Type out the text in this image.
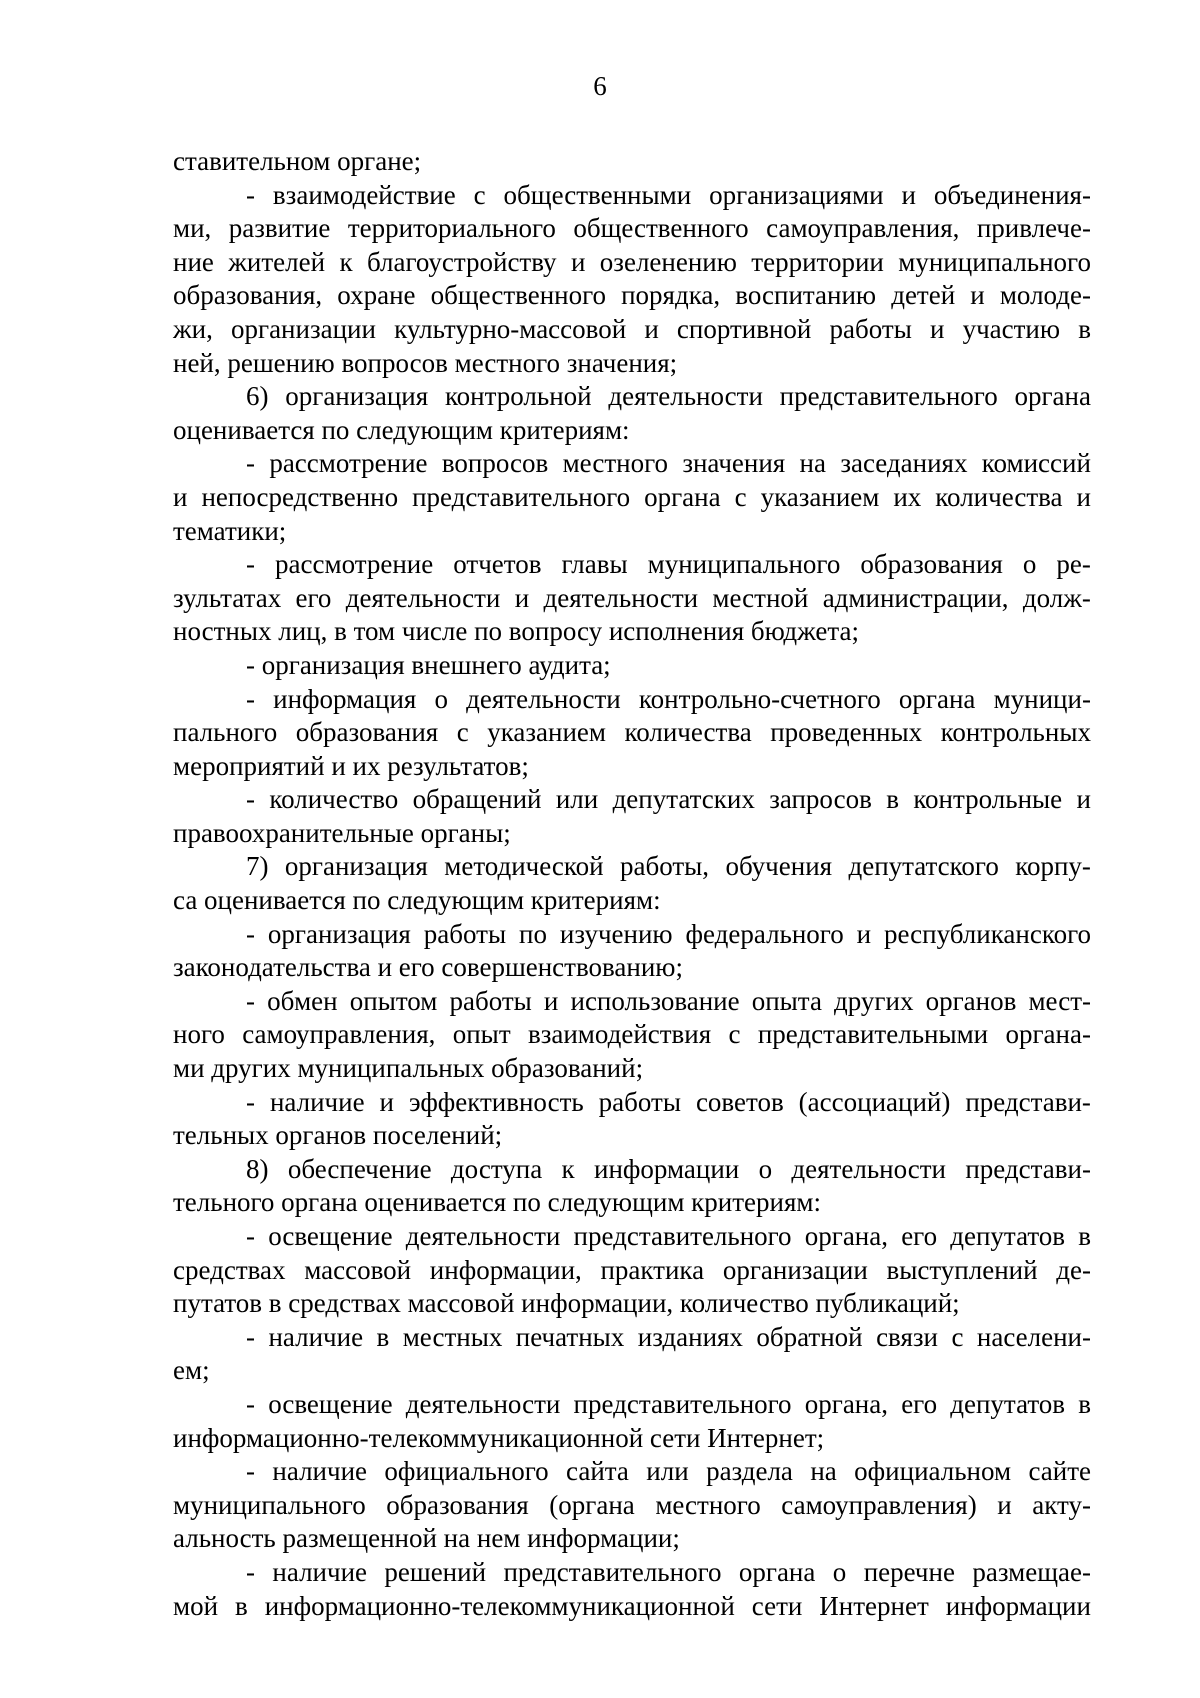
6
ставительном органе;
- взаимодействие с общественными организациями и объединения-
ми, развитие территориального общественного самоуправления, привлече-
ние жителей к благоустройству и озеленению территории муниципального
образования, охране общественного порядка, воспитанию детей и молоде-
жи, организации культурно-массовой и спортивной работы и участию в
ней, решению вопросов местного значения;
6) организация контрольной деятельности представительного органа
оценивается по следующим критериям:
- рассмотрение вопросов местного значения на заседаниях комиссий
и непосредственно представительного органа с указанием их количества и
тематики;
- рассмотрение отчетов главы муниципального образования о ре-
зультатах его деятельности и деятельности местной администрации, долж-
ностных лиц, в том числе по вопросу исполнения бюджета;
- организация внешнего аудита;
- информация о деятельности контрольно-счетного органа муници-
пального образования с указанием количества проведенных контрольных
мероприятий и их результатов;
- количество обращений или депутатских запросов в контрольные и
правоохранительные органы;
7) организация методической работы, обучения депутатского корпу-
са оценивается по следующим критериям:
- организация работы по изучению федерального и республиканского
законодательства и его совершенствованию;
- обмен опытом работы и использование опыта других органов мест-
ного самоуправления, опыт взаимодействия с представительными органа-
ми других муниципальных образований;
- наличие и эффективность работы советов (ассоциаций) представи-
тельных органов поселений;
8) обеспечение доступа к информации о деятельности представи-
тельного органа оценивается по следующим критериям:
- освещение деятельности представительного органа, его депутатов в
средствах массовой информации, практика организации выступлений де-
путатов в средствах массовой информации, количество публикаций;
- наличие в местных печатных изданиях обратной связи с населени-
ем;
- освещение деятельности представительного органа, его депутатов в
информационно-телекоммуникационной сети Интернет;
- наличие официального сайта или раздела на официальном сайте
муниципального образования (органа местного самоуправления) и акту-
альность размещенной на нем информации;
- наличие решений представительного органа о перечне размещае-
мой в информационно-телекоммуникационной сети Интернет информации
